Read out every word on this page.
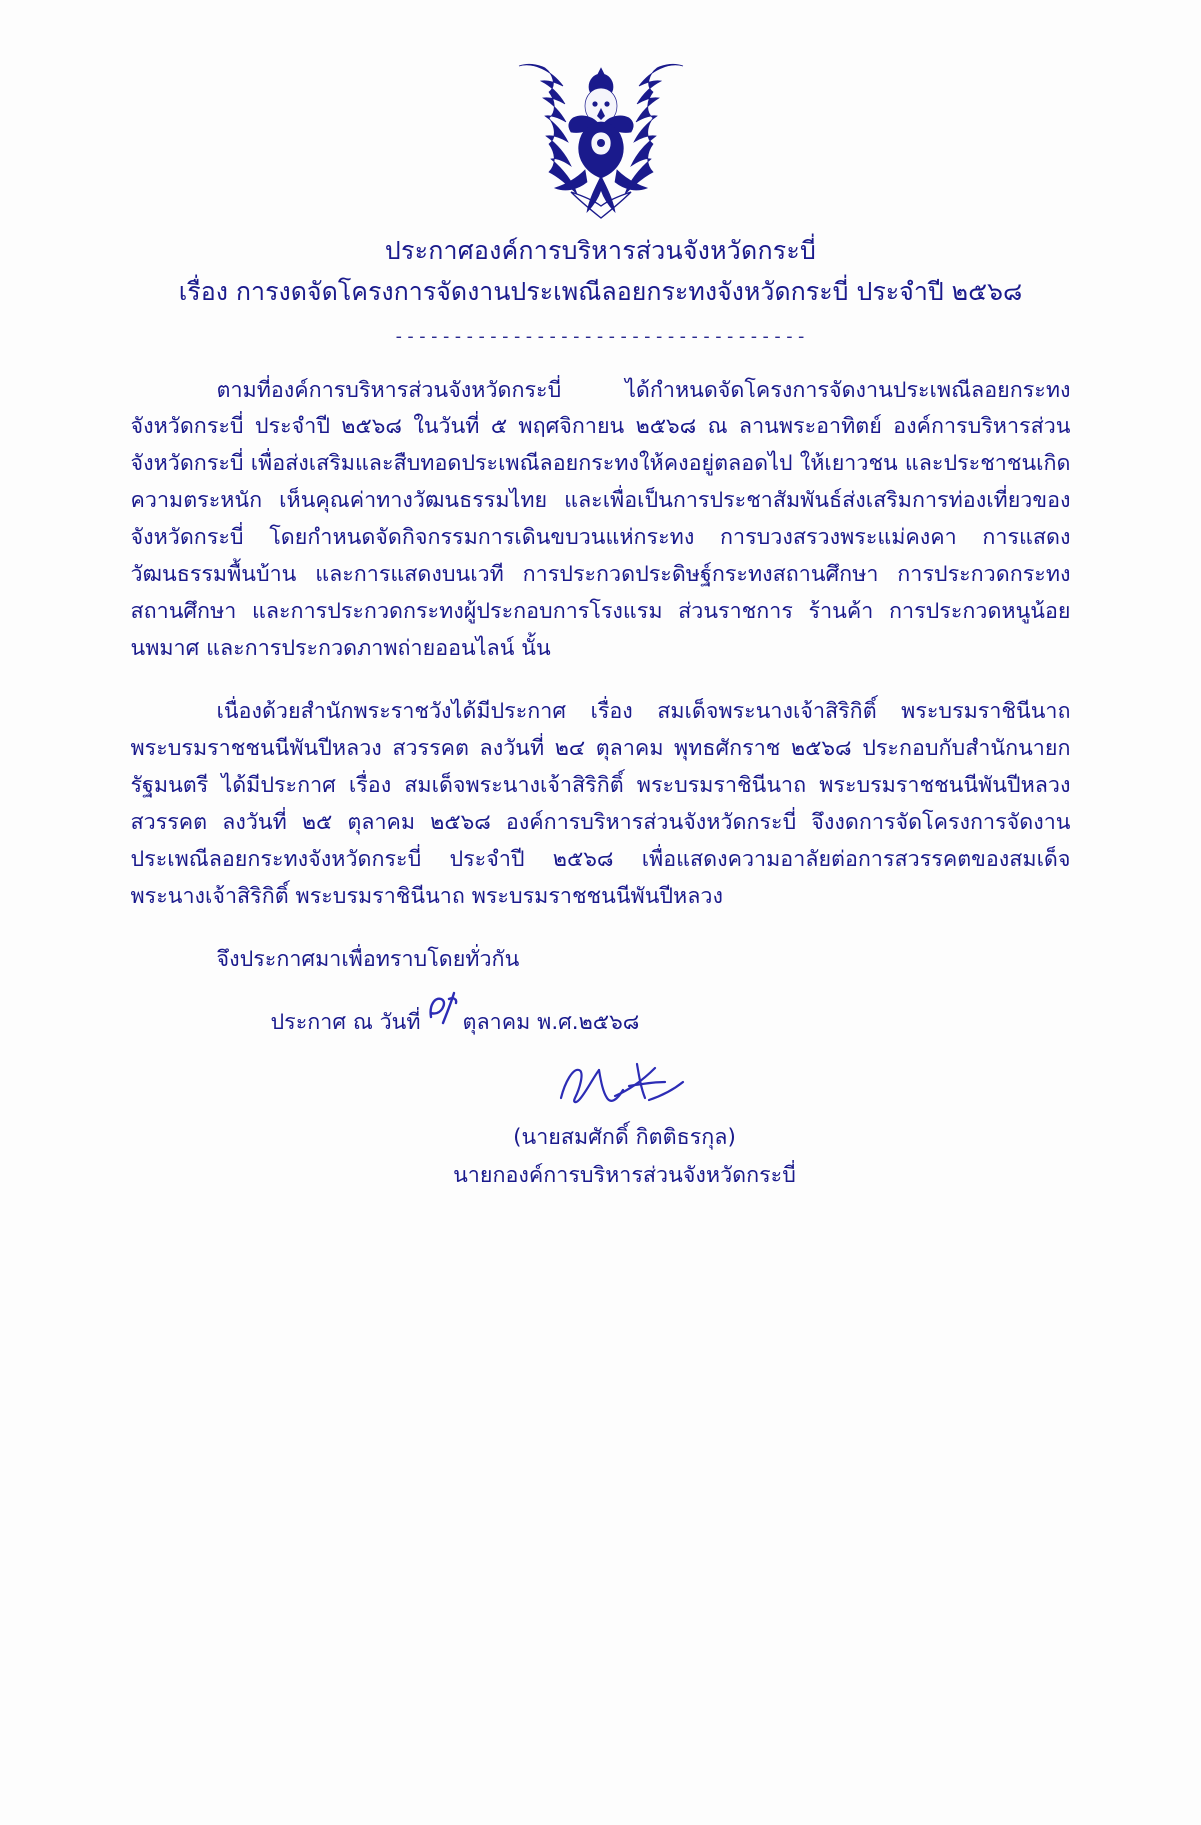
ประกาศองค์การบริหารส่วนจังหวัดกระบี่
เรื่อง การงดจัดโครงการจัดงานประเพณีลอยกระทงจังหวัดกระบี่ ประจำปี ๒๕๖๘
-----------------------------------

ตามที่องค์การบริหารส่วนจังหวัดกระบี่ ได้กำหนดจัดโครงการจัดงานประเพณีลอยกระทงจังหวัดกระบี่ ประจำปี ๒๕๖๘ ในวันที่ ๕ พฤศจิกายน ๒๕๖๘ ณ ลานพระอาทิตย์ องค์การบริหารส่วนจังหวัดกระบี่ เพื่อส่งเสริมและสืบทอดประเพณีลอยกระทงให้คงอยู่ตลอดไป ให้เยาวชน และประชาชนเกิดความตระหนัก เห็นคุณค่าทางวัฒนธรรมไทย และเพื่อเป็นการประชาสัมพันธ์ส่งเสริมการท่องเที่ยวของจังหวัดกระบี่ โดยกำหนดจัดกิจกรรมการเดินขบวนแห่กระทง การบวงสรวงพระแม่คงคา การแสดงวัฒนธรรมพื้นบ้าน และการแสดงบนเวที การประกวดประดิษฐ์กระทงสถานศึกษา การประกวดกระทงสถานศึกษา และการประกวดกระทงผู้ประกอบการโรงแรม ส่วนราชการ ร้านค้า การประกวดหนูน้อยนพมาศ และการประกวดภาพถ่ายออนไลน์ นั้น

เนื่องด้วยสำนักพระราชวังได้มีประกาศ เรื่อง สมเด็จพระนางเจ้าสิริกิติ์ พระบรมราชินีนาถ พระบรมราชชนนีพันปีหลวง สวรรคต ลงวันที่ ๒๔ ตุลาคม พุทธศักราช ๒๕๖๘ ประกอบกับสำนักนายกรัฐมนตรี ได้มีประกาศ เรื่อง สมเด็จพระนางเจ้าสิริกิติ์ พระบรมราชินีนาถ พระบรมราชชนนีพันปีหลวง สวรรคต ลงวันที่ ๒๕ ตุลาคม ๒๕๖๘ องค์การบริหารส่วนจังหวัดกระบี่ จึงงดการจัดโครงการจัดงานประเพณีลอยกระทงจังหวัดกระบี่ ประจำปี ๒๕๖๘ เพื่อแสดงความอาลัยต่อการสวรรคตของสมเด็จพระนางเจ้าสิริกิติ์ พระบรมราชินีนาถ พระบรมราชชนนีพันปีหลวง

จึงประกาศมาเพื่อทราบโดยทั่วกัน
ประกาศ ณ วันที่ ตุลาคม พ.ศ.๒๕๖๘
(นายสมศักดิ์ กิตติธรกุล)
นายกองค์การบริหารส่วนจังหวัดกระบี่
